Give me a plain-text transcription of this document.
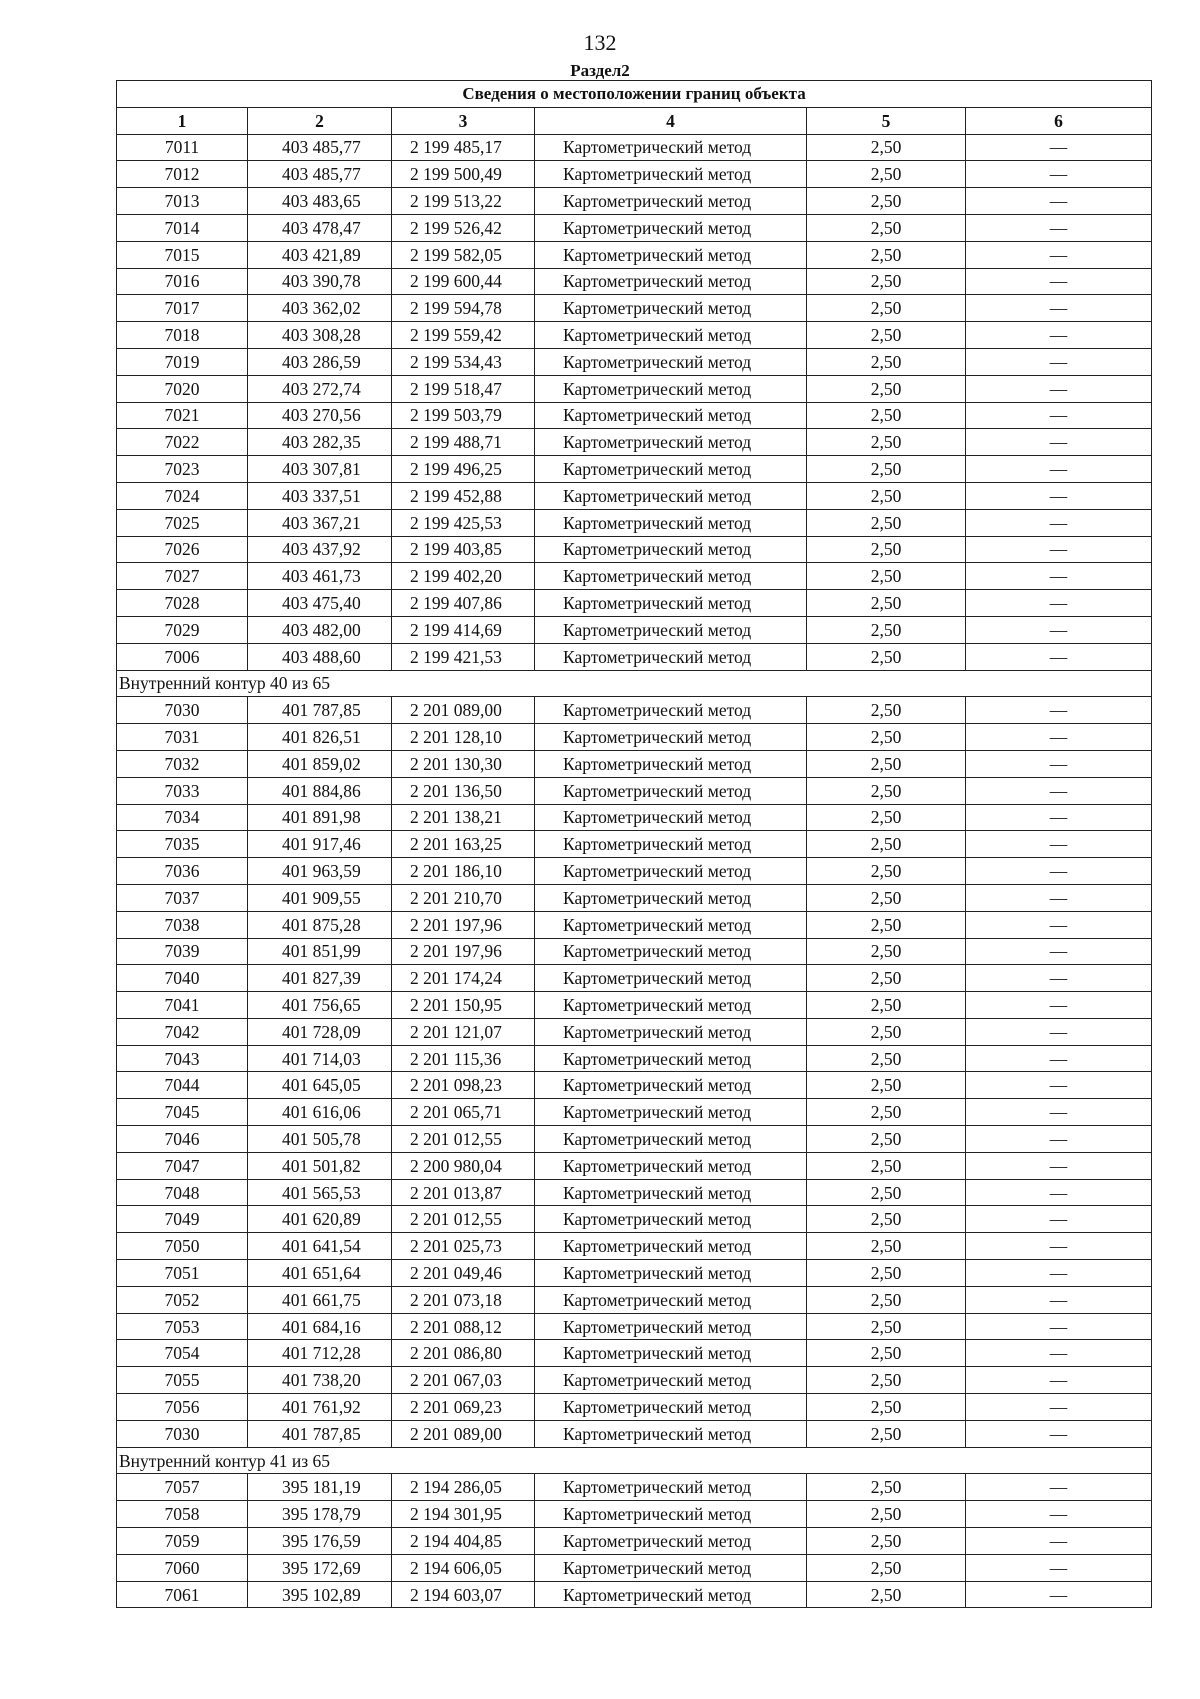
132
Раздел2
Сведения о местоположении границ объекта					
1	2	3	4	5	6
7011	403 485,77	2 199 485,17	Картометрический метод	2,50	—
7012	403 485,77	2 199 500,49	Картометрический метод	2,50	—
7013	403 483,65	2 199 513,22	Картометрический метод	2,50	—
7014	403 478,47	2 199 526,42	Картометрический метод	2,50	—
7015	403 421,89	2 199 582,05	Картометрический метод	2,50	—
7016	403 390,78	2 199 600,44	Картометрический метод	2,50	—
7017	403 362,02	2 199 594,78	Картометрический метод	2,50	—
7018	403 308,28	2 199 559,42	Картометрический метод	2,50	—
7019	403 286,59	2 199 534,43	Картометрический метод	2,50	—
7020	403 272,74	2 199 518,47	Картометрический метод	2,50	—
7021	403 270,56	2 199 503,79	Картометрический метод	2,50	—
7022	403 282,35	2 199 488,71	Картометрический метод	2,50	—
7023	403 307,81	2 199 496,25	Картометрический метод	2,50	—
7024	403 337,51	2 199 452,88	Картометрический метод	2,50	—
7025	403 367,21	2 199 425,53	Картометрический метод	2,50	—
7026	403 437,92	2 199 403,85	Картометрический метод	2,50	—
7027	403 461,73	2 199 402,20	Картометрический метод	2,50	—
7028	403 475,40	2 199 407,86	Картометрический метод	2,50	—
7029	403 482,00	2 199 414,69	Картометрический метод	2,50	—
7006	403 488,60	2 199 421,53	Картометрический метод	2,50	—
Внутренний контур 40 из 65					
7030	401 787,85	2 201 089,00	Картометрический метод	2,50	—
7031	401 826,51	2 201 128,10	Картометрический метод	2,50	—
7032	401 859,02	2 201 130,30	Картометрический метод	2,50	—
7033	401 884,86	2 201 136,50	Картометрический метод	2,50	—
7034	401 891,98	2 201 138,21	Картометрический метод	2,50	—
7035	401 917,46	2 201 163,25	Картометрический метод	2,50	—
7036	401 963,59	2 201 186,10	Картометрический метод	2,50	—
7037	401 909,55	2 201 210,70	Картометрический метод	2,50	—
7038	401 875,28	2 201 197,96	Картометрический метод	2,50	—
7039	401 851,99	2 201 197,96	Картометрический метод	2,50	—
7040	401 827,39	2 201 174,24	Картометрический метод	2,50	—
7041	401 756,65	2 201 150,95	Картометрический метод	2,50	—
7042	401 728,09	2 201 121,07	Картометрический метод	2,50	—
7043	401 714,03	2 201 115,36	Картометрический метод	2,50	—
7044	401 645,05	2 201 098,23	Картометрический метод	2,50	—
7045	401 616,06	2 201 065,71	Картометрический метод	2,50	—
7046	401 505,78	2 201 012,55	Картометрический метод	2,50	—
7047	401 501,82	2 200 980,04	Картометрический метод	2,50	—
7048	401 565,53	2 201 013,87	Картометрический метод	2,50	—
7049	401 620,89	2 201 012,55	Картометрический метод	2,50	—
7050	401 641,54	2 201 025,73	Картометрический метод	2,50	—
7051	401 651,64	2 201 049,46	Картометрический метод	2,50	—
7052	401 661,75	2 201 073,18	Картометрический метод	2,50	—
7053	401 684,16	2 201 088,12	Картометрический метод	2,50	—
7054	401 712,28	2 201 086,80	Картометрический метод	2,50	—
7055	401 738,20	2 201 067,03	Картометрический метод	2,50	—
7056	401 761,92	2 201 069,23	Картометрический метод	2,50	—
7030	401 787,85	2 201 089,00	Картометрический метод	2,50	—
Внутренний контур 41 из 65					
7057	395 181,19	2 194 286,05	Картометрический метод	2,50	—
7058	395 178,79	2 194 301,95	Картометрический метод	2,50	—
7059	395 176,59	2 194 404,85	Картометрический метод	2,50	—
7060	395 172,69	2 194 606,05	Картометрический метод	2,50	—
7061	395 102,89	2 194 603,07	Картометрический метод	2,50	—
